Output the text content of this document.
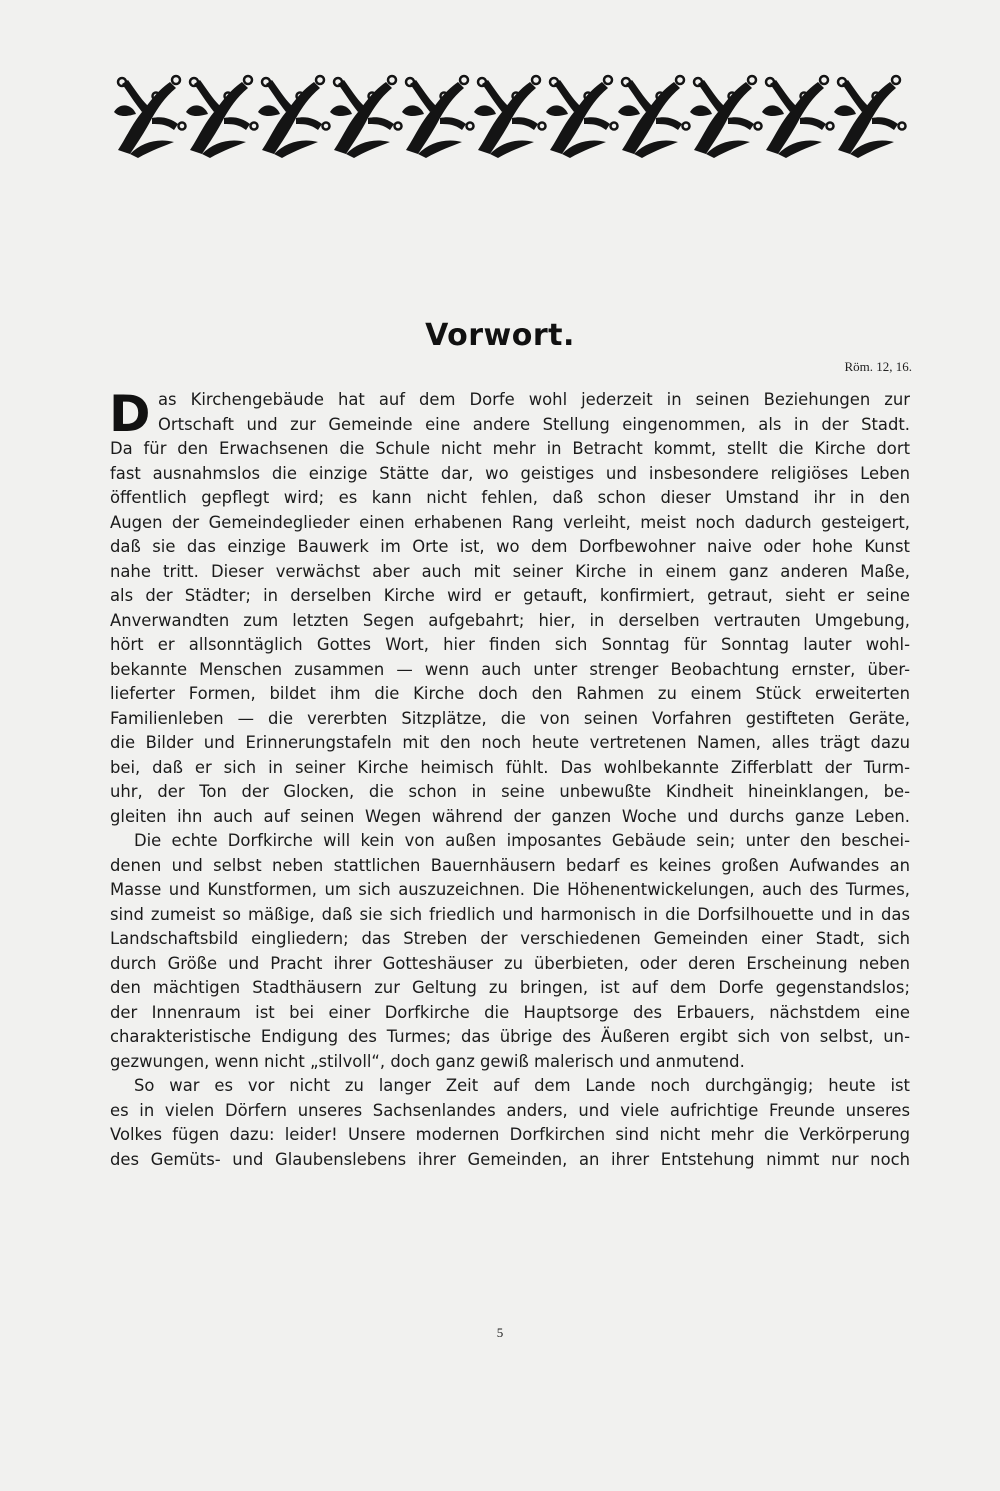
Vorwort.
Röm. 12, 16.
D as Kirchengebäude hat auf dem Dorfe wohl jederzeit in seinen Beziehungen zur
Ortschaft und zur Gemeinde eine andere Stellung eingenommen, als in der Stadt.
Da für den Erwachsenen die Schule nicht mehr in Betracht kommt, stellt die Kirche dort
fast ausnahmslos die einzige Stätte dar, wo geistiges und insbesondere religiöses Leben
öffentlich gepflegt wird; es kann nicht fehlen, daß schon dieser Umstand ihr in den
Augen der Gemeindeglieder einen erhabenen Rang verleiht, meist noch dadurch gesteigert,
daß sie das einzige Bauwerk im Orte ist, wo dem Dorfbewohner naive oder hohe Kunst
nahe tritt. Dieser verwächst aber auch mit seiner Kirche in einem ganz anderen Maße,
als der Städter; in derselben Kirche wird er getauft, konfirmiert, getraut, sieht er seine
Anverwandten zum letzten Segen aufgebahrt; hier, in derselben vertrauten Umgebung,
hört er allsonntäglich Gottes Wort, hier finden sich Sonntag für Sonntag lauter wohl-
bekannte Menschen zusammen — wenn auch unter strenger Beobachtung ernster, über-
lieferter Formen, bildet ihm die Kirche doch den Rahmen zu einem Stück erweiterten
Familienleben — die vererbten Sitzplätze, die von seinen Vorfahren gestifteten Geräte,
die Bilder und Erinnerungstafeln mit den noch heute vertretenen Namen, alles trägt dazu
bei, daß er sich in seiner Kirche heimisch fühlt. Das wohlbekannte Zifferblatt der Turm-
uhr, der Ton der Glocken, die schon in seine unbewußte Kindheit hineinklangen, be-
gleiten ihn auch auf seinen Wegen während der ganzen Woche und durchs ganze Leben.
Die echte Dorfkirche will kein von außen imposantes Gebäude sein; unter den beschei-
denen und selbst neben stattlichen Bauernhäusern bedarf es keines großen Aufwandes an
Masse und Kunstformen, um sich auszuzeichnen. Die Höhenentwickelungen, auch des Turmes,
sind zumeist so mäßige, daß sie sich friedlich und harmonisch in die Dorfsilhouette und in das
Landschaftsbild eingliedern; das Streben der verschiedenen Gemeinden einer Stadt, sich
durch Größe und Pracht ihrer Gotteshäuser zu überbieten, oder deren Erscheinung neben
den mächtigen Stadthäusern zur Geltung zu bringen, ist auf dem Dorfe gegenstandslos;
der Innenraum ist bei einer Dorfkirche die Hauptsorge des Erbauers, nächstdem eine
charakteristische Endigung des Turmes; das übrige des Äußeren ergibt sich von selbst, un-
gezwungen, wenn nicht „stilvoll“, doch ganz gewiß malerisch und anmutend.
So war es vor nicht zu langer Zeit auf dem Lande noch durchgängig; heute ist
es in vielen Dörfern unseres Sachsenlandes anders, und viele aufrichtige Freunde unseres
Volkes fügen dazu: leider! Unsere modernen Dorfkirchen sind nicht mehr die Verkörperung
des Gemüts- und Glaubenslebens ihrer Gemeinden, an ihrer Entstehung nimmt nur noch
5
